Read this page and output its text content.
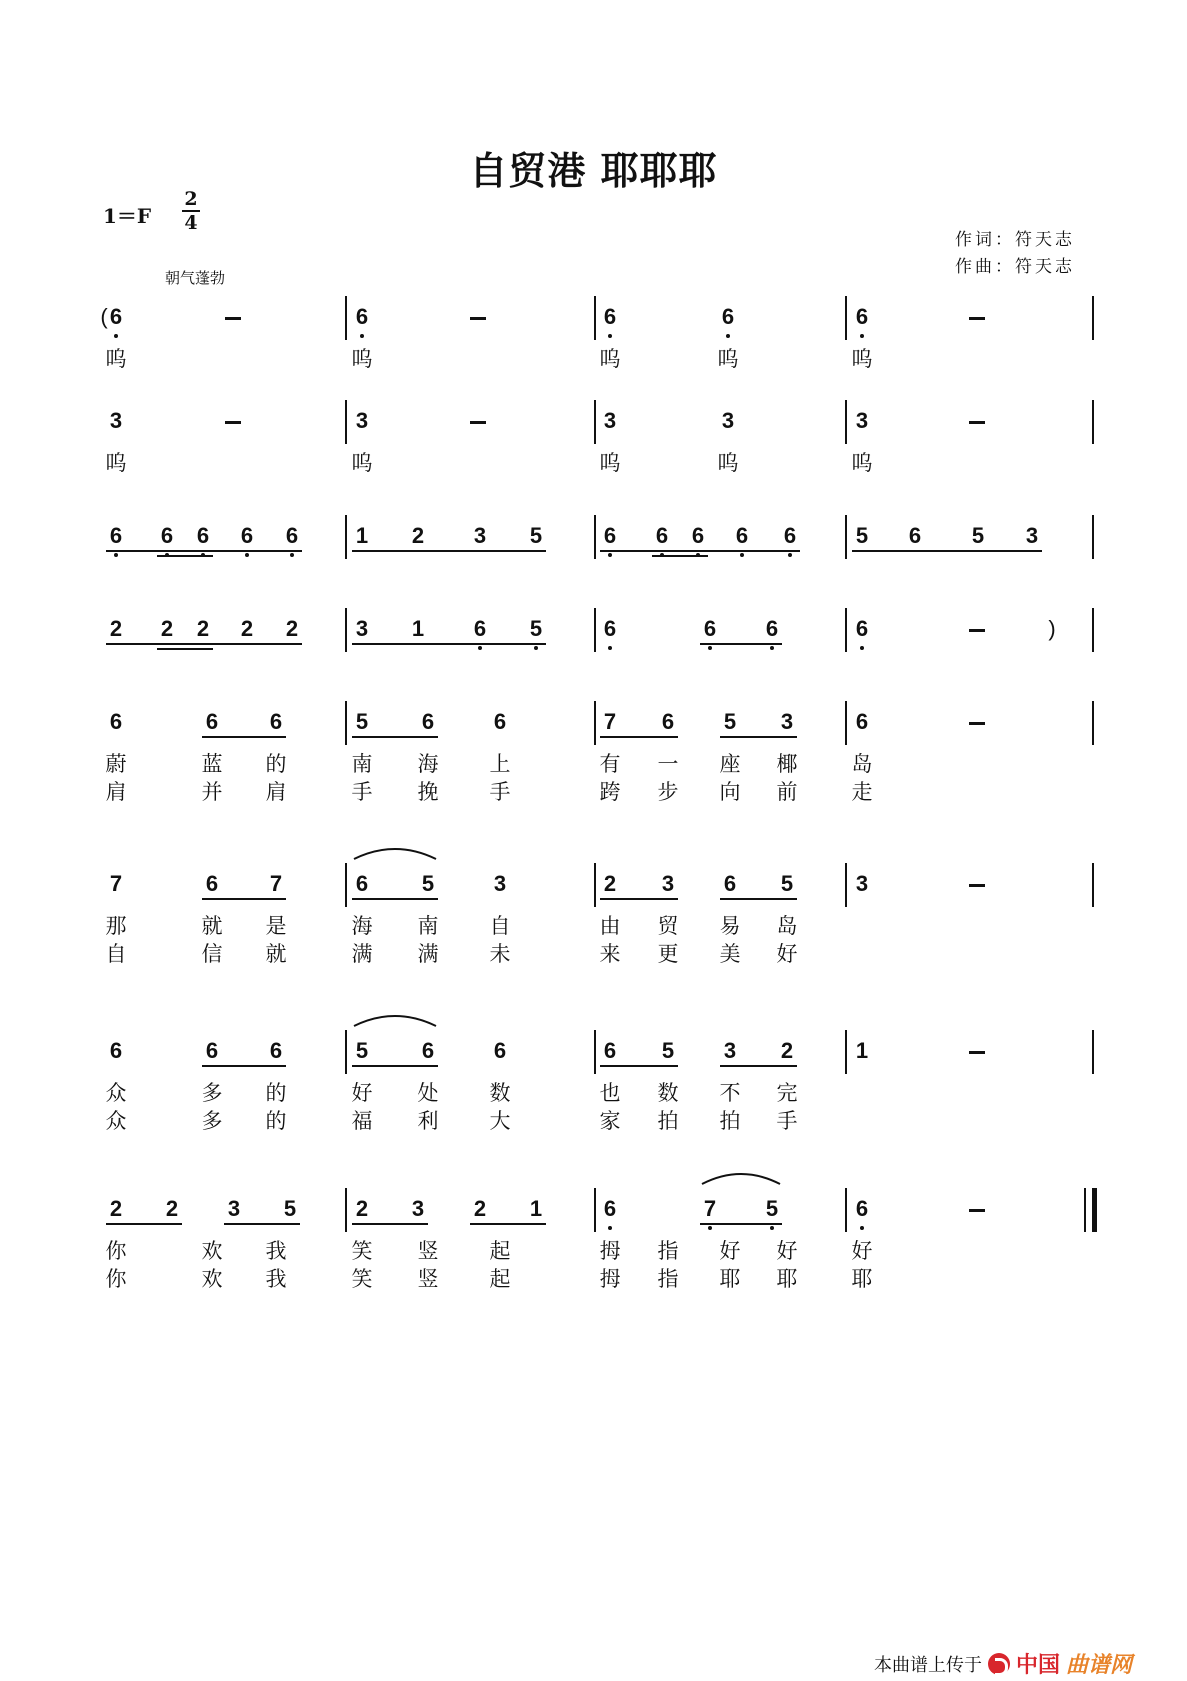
自贸港 耶耶耶
1＝F
2
4
作词：符天志
作曲：符天志
朝气蓬勃
6	6	6	6	6
呜	呜	呜	呜	呜
3	3	3	3	3
呜	呜	呜	呜	呜
6 6 6 6 6	1 2 3 5	6 6 6 6 6	5 6 5 3
2 2 2 2 2	3 1 6 5	6	6 6	6
6	6 6	5 6	6	7 6 5 3	6
蔚	蓝 的	南 海 上	有 一 座 椰	岛
肩	并 肩	手 挽 手	跨 步 向 前	走
7	6 7	6 5	3	2 3 6 5	3
那	就 是	海 南 自	由 贸 易 岛
自	信 就	满 满 未	来 更 美 好
6	6 6	5 6	6	6 5 3 2	1
众	多 的	好 处 数	也 数 不 完
众	多 的	福 利 大	家 拍 拍 手
2 2 3 5	2 3 2 1	6	7 5	6
你	欢 我	笑 竖 起	拇 指 好 好	好
你	欢 我	笑 竖 起	拇 指 耶 耶	耶
(
)
本曲谱上传于 中国 曲谱网
